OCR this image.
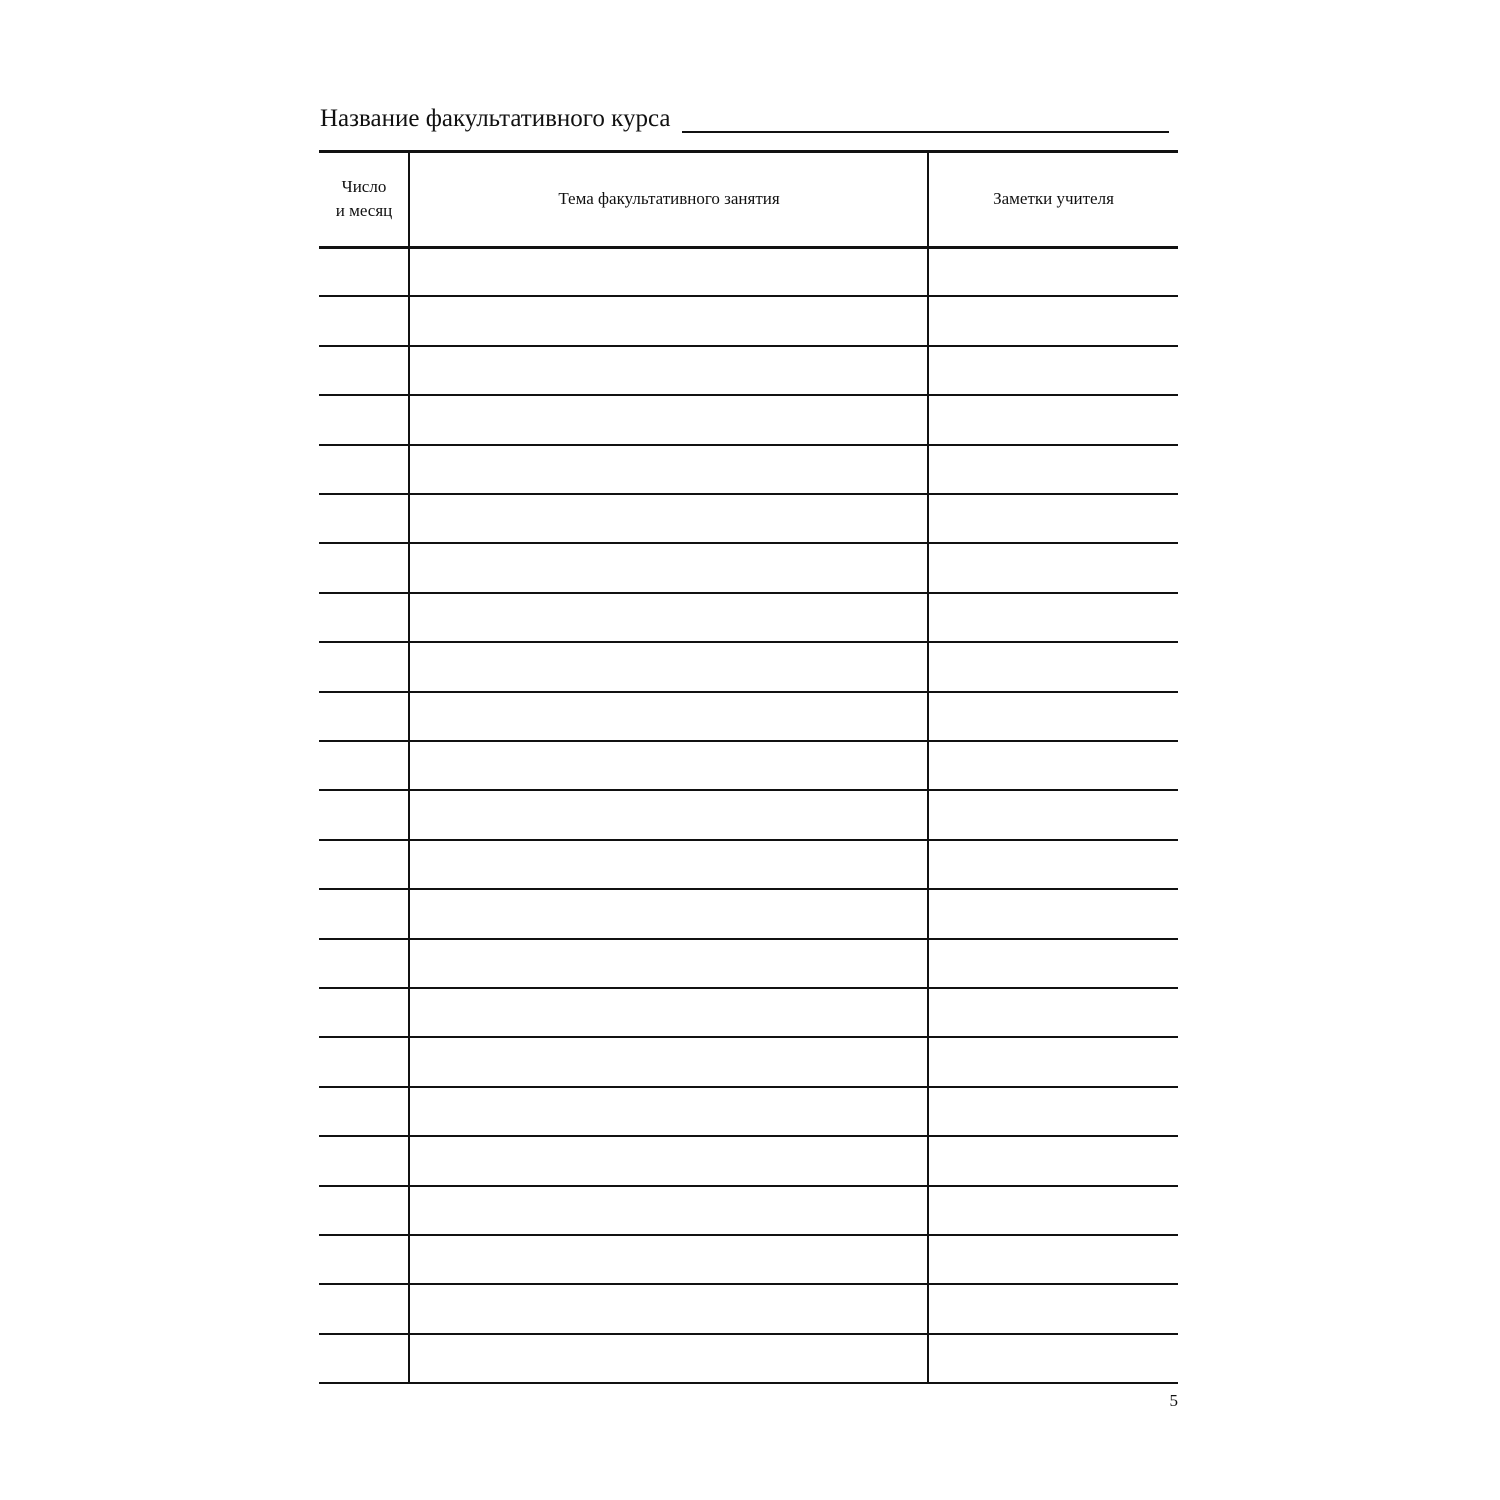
Название факультативного курса
Число
и месяц
Тема факультативного занятия	Заметки учителя
5
